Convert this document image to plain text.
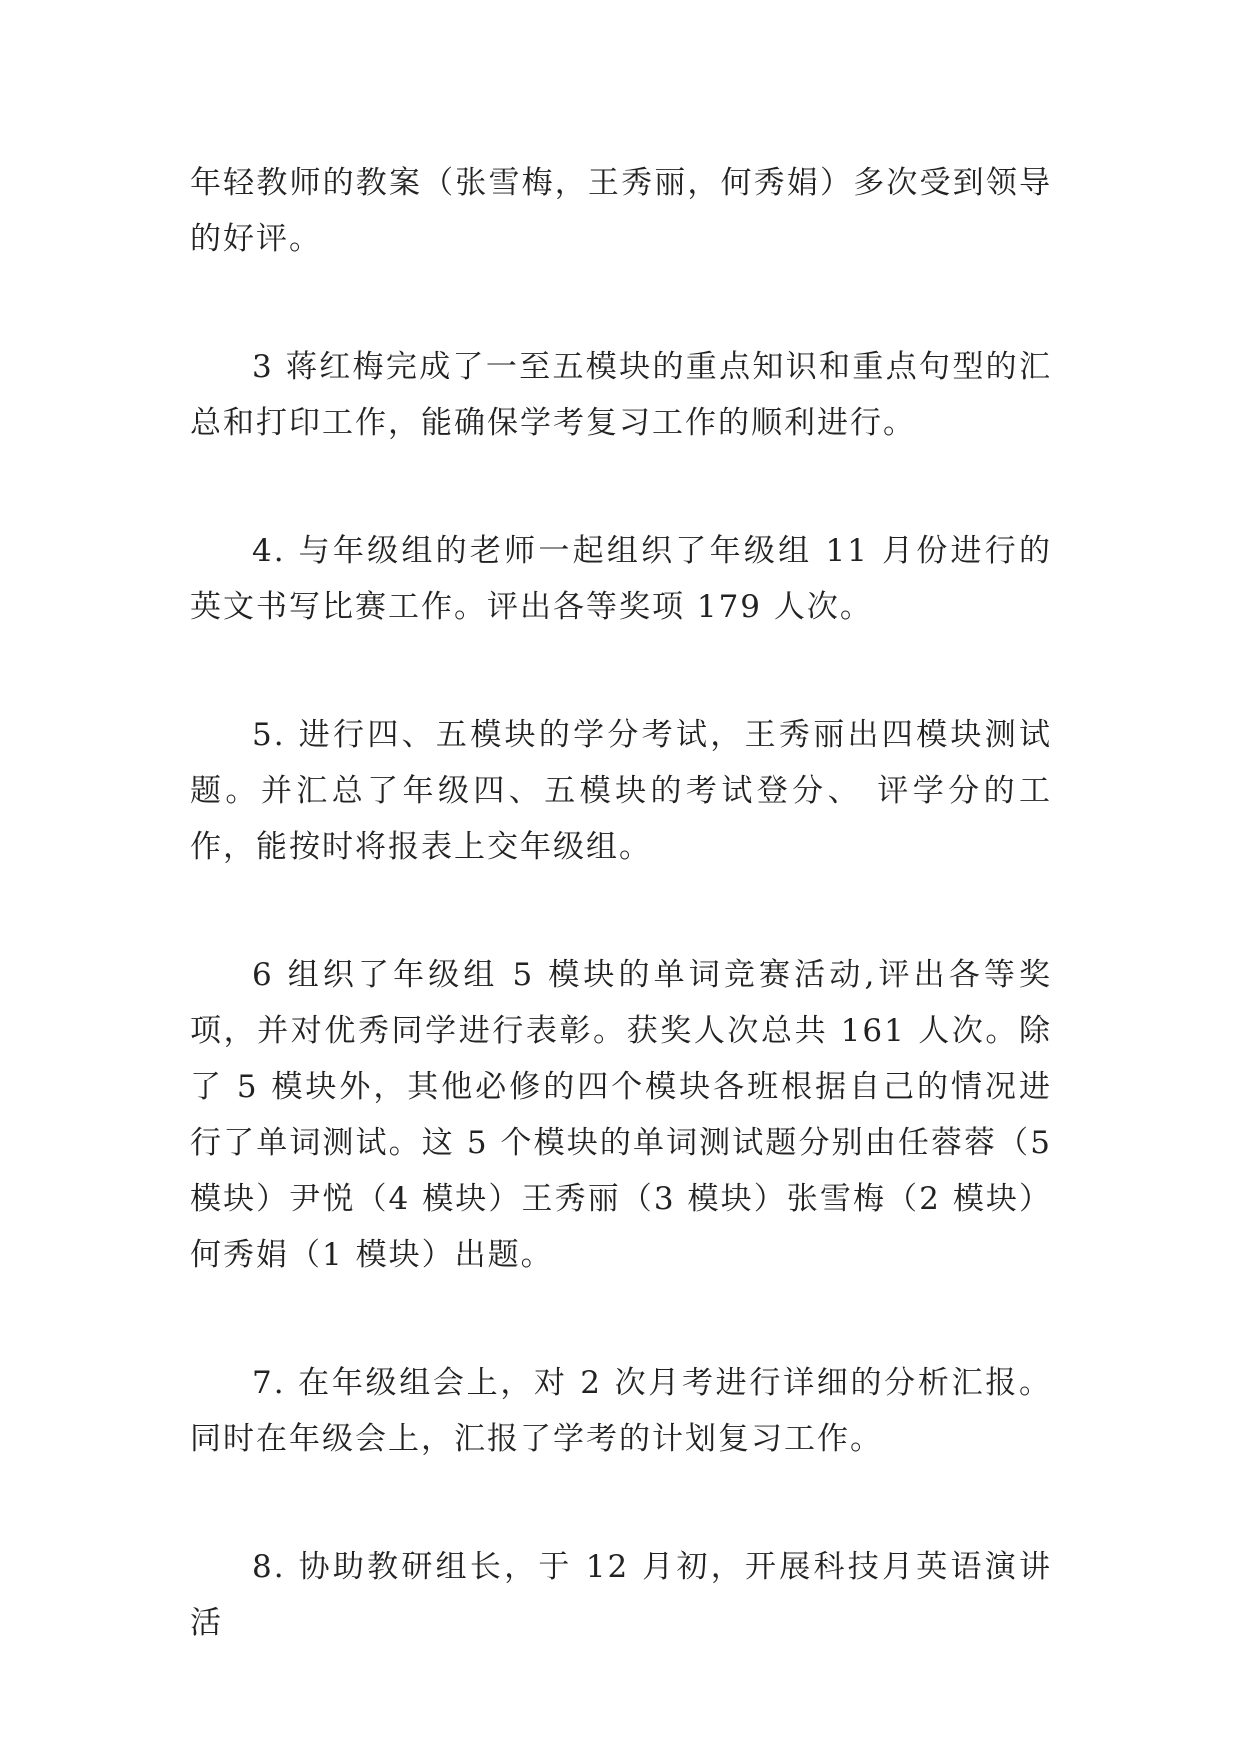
年轻教师的教案（张雪梅，王秀丽，何秀娟）多次受到领导的好评。

3 蒋红梅完成了一至五模块的重点知识和重点句型的汇总和打印工作，能确保学考复习工作的顺利进行。

4. 与年级组的老师一起组织了年级组 11 月份进行的英文书写比赛工作。评出各等奖项 179 人次。

5. 进行四、五模块的学分考试，王秀丽出四模块测试题。并汇总了年级四、五模块的考试登分、 评学分的工作，能按时将报表上交年级组。

6 组织了年级组 5 模块的单词竞赛活动,评出各等奖项，并对优秀同学进行表彰。获奖人次总共 161 人次。除了 5 模块外，其他必修的四个模块各班根据自己的情况进行了单词测试。这 5 个模块的单词测试题分别由任蓉蓉（5 模块）尹悦（4 模块）王秀丽（3 模块）张雪梅（2 模块）何秀娟（1 模块）出题。

7. 在年级组会上，对 2 次月考进行详细的分析汇报。同时在年级会上，汇报了学考的计划复习工作。

8. 协助教研组长，于 12 月初，开展科技月英语演讲活
